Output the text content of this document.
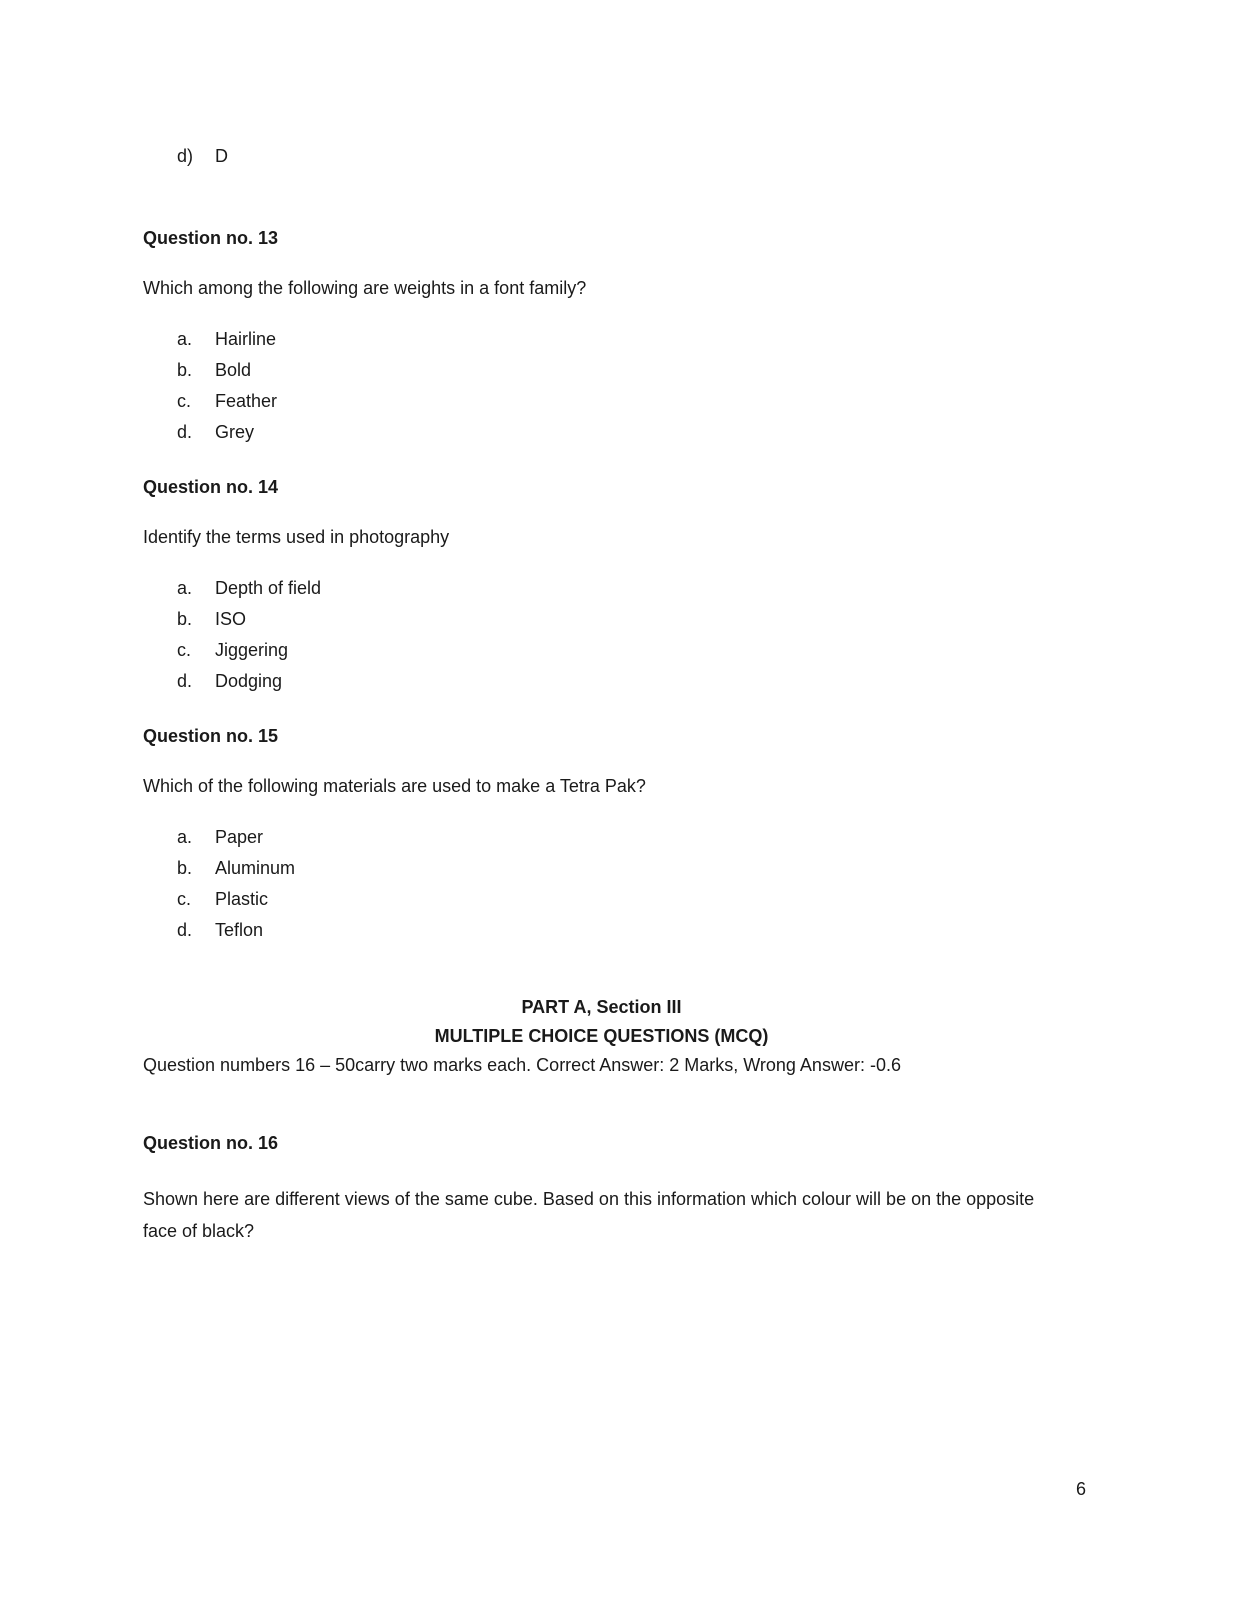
d)	D

Question no. 13

Which among the following are weights in a font family?

a.	Hairline
b.	Bold
c.	Feather
d.	Grey

Question no. 14

Identify the terms used in photography

a.	Depth of field
b.	ISO
c.	Jiggering
d.	Dodging

Question no. 15

Which of the following materials are used to make a Tetra Pak?

a.	Paper
b.	Aluminum
c.	Plastic
d.	Teflon
PART A, Section III
MULTIPLE CHOICE QUESTIONS (MCQ)

Question numbers 16 – 50carry two marks each. Correct Answer: 2 Marks, Wrong Answer: -0.6

Question no. 16

Shown here are different views of the same cube. Based on this information which colour will be on the opposite face of black?

6
